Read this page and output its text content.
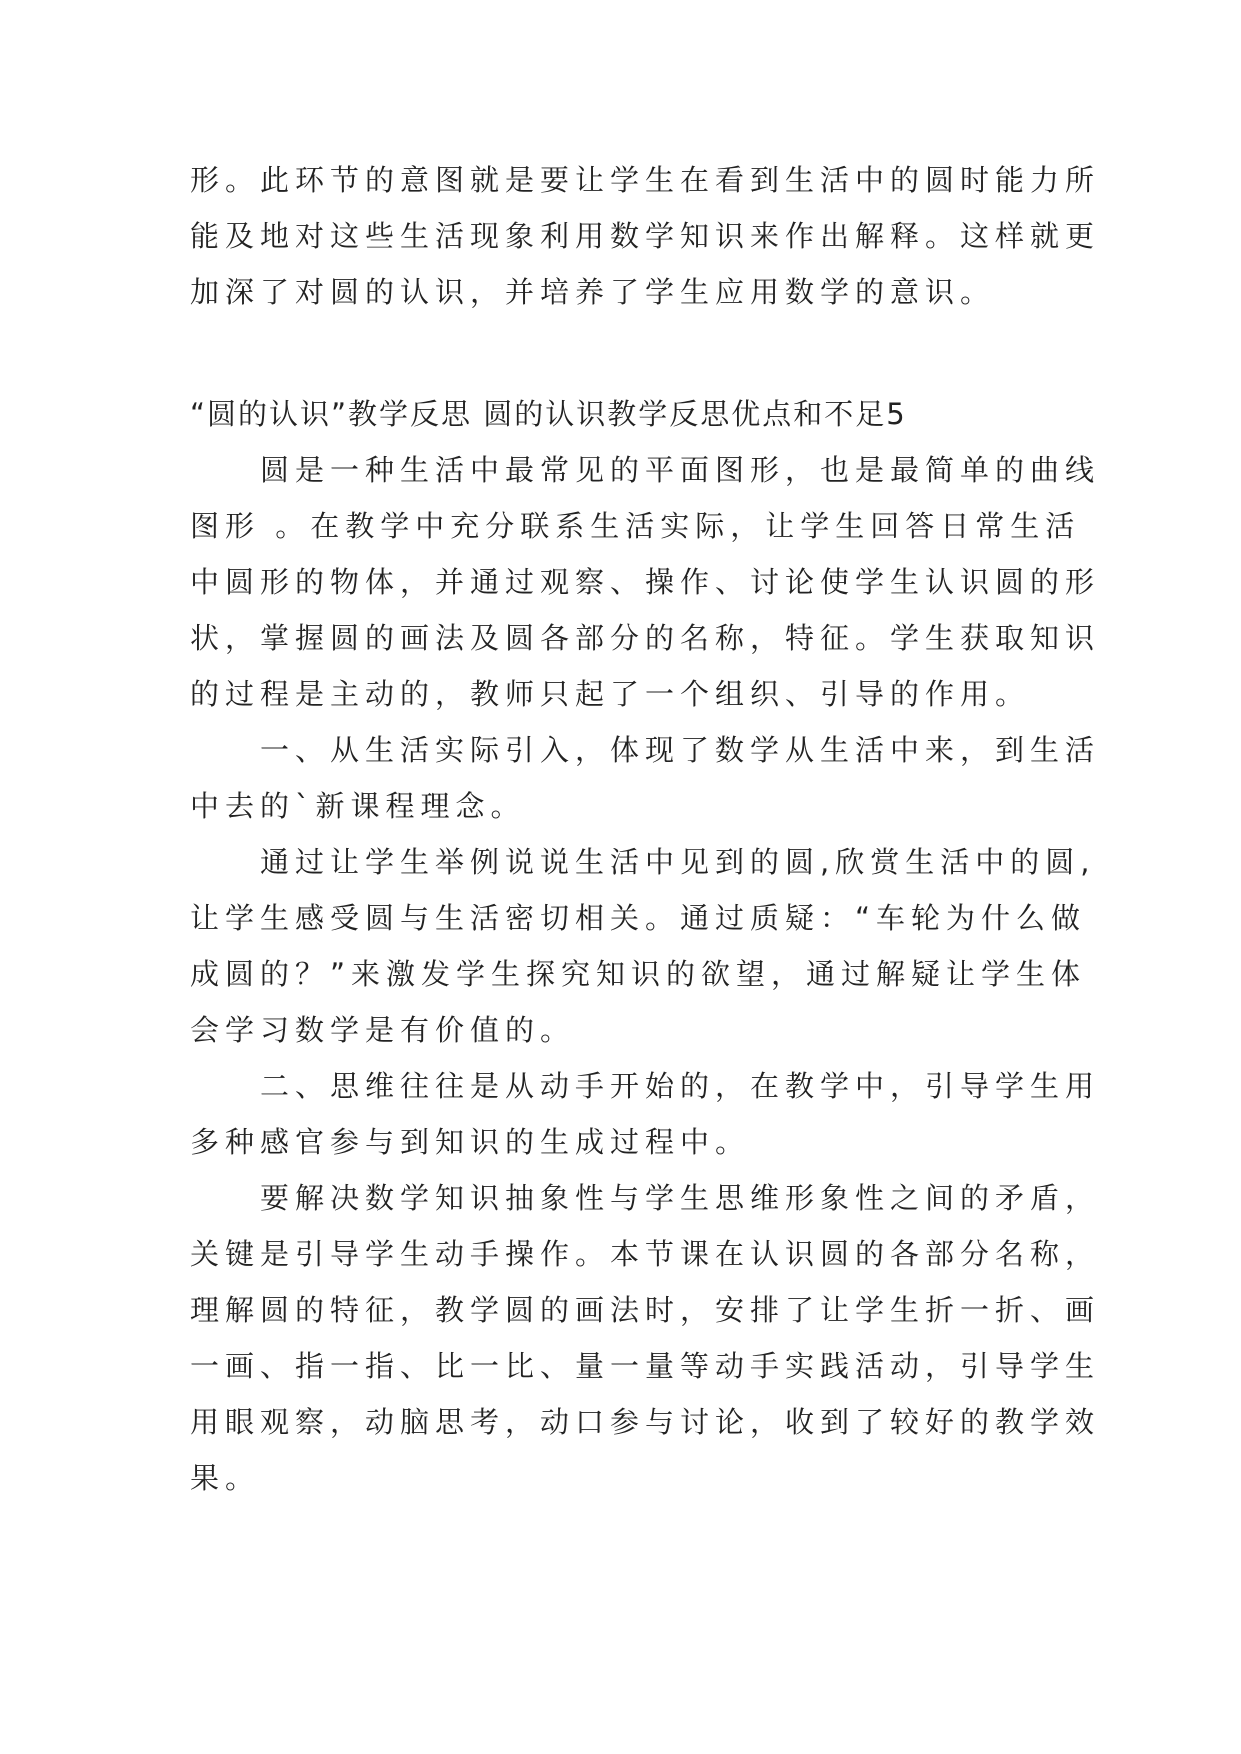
形。此环节的意图就是要让学生在看到生活中的圆时能力所
能及地对这些生活现象利用数学知识来作出解释。这样就更
加深了对圆的认识，并培养了学生应用数学的意识。
“圆的认识”教学反思 圆的认识教学反思优点和不足5
　　圆是一种生活中最常见的平面图形，也是最简单的曲线
图形 。在教学中充分联系生活实际，让学生回答日常生活
中圆形的物体，并通过观察、操作、讨论使学生认识圆的形
状，掌握圆的画法及圆各部分的名称，特征。学生获取知识
的过程是主动的，教师只起了一个组织、引导的作用。
　　一、从生活实际引入，体现了数学从生活中来，到生活
中去的`新课程理念。
　　通过让学生举例说说生活中见到的圆,欣赏生活中的圆,
让学生感受圆与生活密切相关。通过质疑：“车轮为什么做
成圆的？”来激发学生探究知识的欲望，通过解疑让学生体
会学习数学是有价值的。
　　二、思维往往是从动手开始的，在教学中，引导学生用
多种感官参与到知识的生成过程中。
　　要解决数学知识抽象性与学生思维形象性之间的矛盾，
关键是引导学生动手操作。本节课在认识圆的各部分名称，
理解圆的特征，教学圆的画法时，安排了让学生折一折、画
一画、指一指、比一比、量一量等动手实践活动，引导学生
用眼观察，动脑思考，动口参与讨论，收到了较好的教学效
果。
